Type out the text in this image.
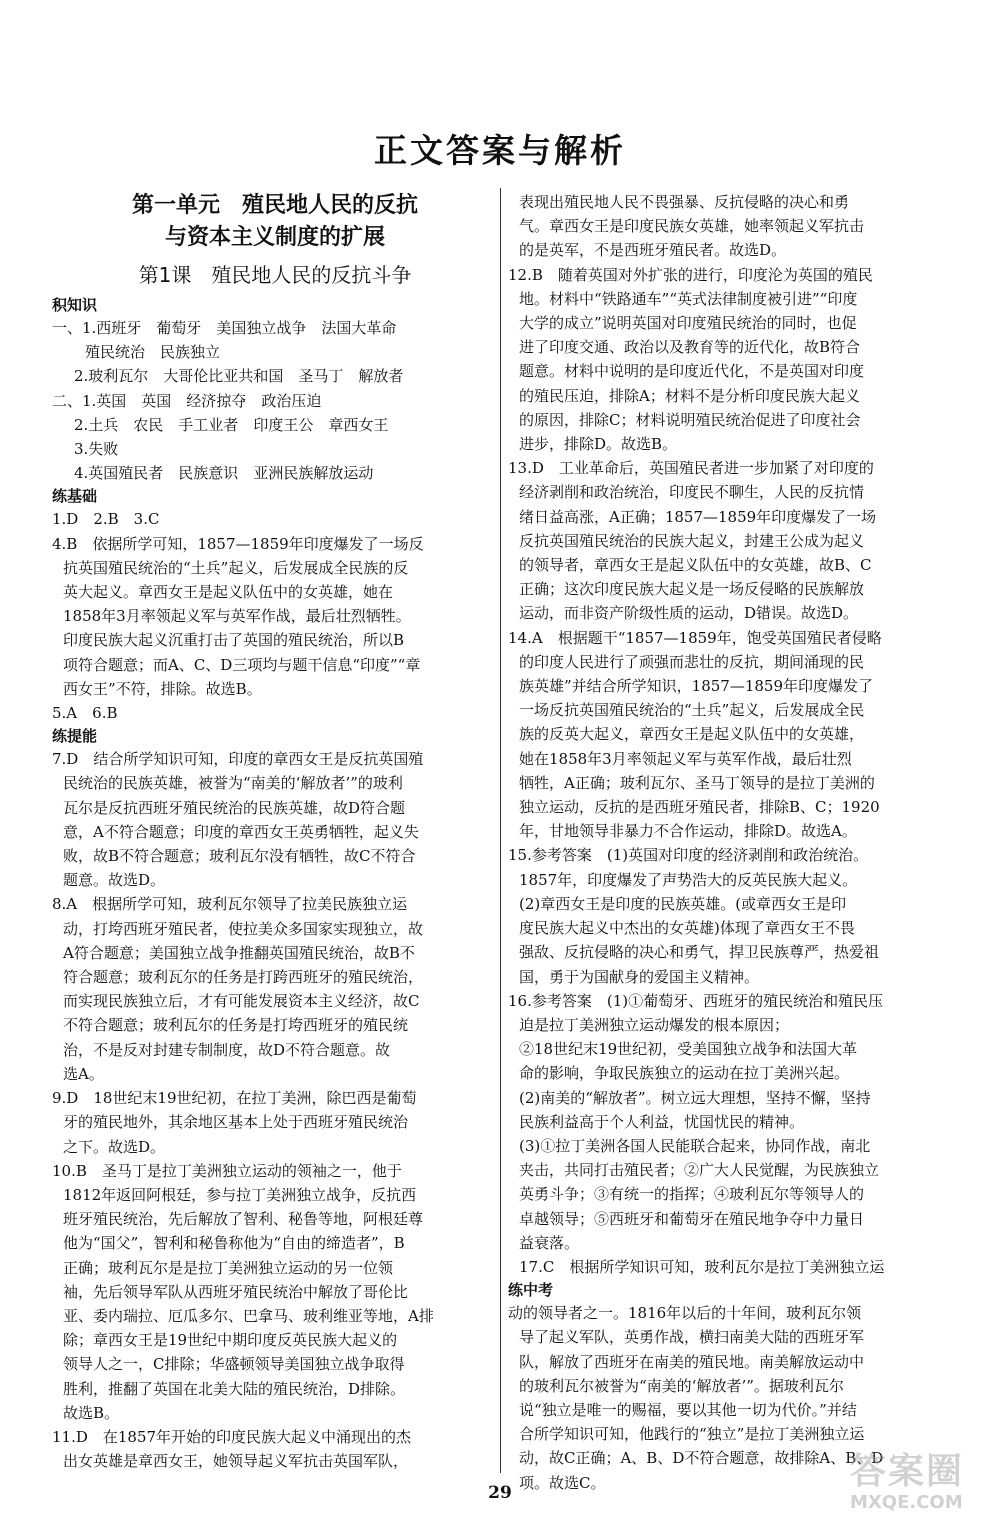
正文答案与解析
第一单元　殖民地人民的反抗
与资本主义制度的扩展
第1课　殖民地人民的反抗斗争
积知识
一、1.西班牙　葡萄牙　美国独立战争　法国大革命
殖民统治　民族独立
2.玻利瓦尔　大哥伦比亚共和国　圣马丁　解放者
二、1.英国　英国　经济掠夺　政治压迫
2.土兵　农民　手工业者　印度王公　章西女王
3.失败
4.英国殖民者　民族意识　亚洲民族解放运动
练基础
1.D　2.B　3.C
4.B　依据所学可知，1857—1859年印度爆发了一场反
抗英国殖民统治的“土兵”起义，后发展成全民族的反
英大起义。章西女王是起义队伍中的女英雄，她在
1858年3月率领起义军与英军作战，最后壮烈牺牲。
印度民族大起义沉重打击了英国的殖民统治，所以B
项符合题意；而A、C、D三项均与题干信息“印度”“章
西女王”不符，排除。故选B。
5.A　6.B
练提能
7.D　结合所学知识可知，印度的章西女王是反抗英国殖
民统治的民族英雄，被誉为“南美的‘解放者’”的玻利
瓦尔是反抗西班牙殖民统治的民族英雄，故D符合题
意，A不符合题意；印度的章西女王英勇牺牲，起义失
败，故B不符合题意；玻利瓦尔没有牺牲，故C不符合
题意。故选D。
8.A　根据所学可知，玻利瓦尔领导了拉美民族独立运
动，打垮西班牙殖民者，使拉美众多国家实现独立，故
A符合题意；美国独立战争推翻英国殖民统治，故B不
符合题意；玻利瓦尔的任务是打跨西班牙的殖民统治，
而实现民族独立后，才有可能发展资本主义经济，故C
不符合题意；玻利瓦尔的任务是打垮西班牙的殖民统
治，不是反对封建专制制度，故D不符合题意。故
选A。
9.D　18世纪末19世纪初，在拉丁美洲，除巴西是葡萄
牙的殖民地外，其余地区基本上处于西班牙殖民统治
之下。故选D。
10.B　圣马丁是拉丁美洲独立运动的领袖之一，他于
1812年返回阿根廷，参与拉丁美洲独立战争，反抗西
班牙殖民统治，先后解放了智利、秘鲁等地，阿根廷尊
他为“国父”，智利和秘鲁称他为“自由的缔造者”，B
正确；玻利瓦尔是是拉丁美洲独立运动的另一位领
袖，先后领导军队从西班牙殖民统治中解放了哥伦比
亚、委内瑞拉、厄瓜多尔、巴拿马、玻利维亚等地，A排
除；章西女王是19世纪中期印度反英民族大起义的
领导人之一，C排除；华盛顿领导美国独立战争取得
胜利，推翻了英国在北美大陆的殖民统治，D排除。
故选B。
11.D　在1857年开始的印度民族大起义中涌现出的杰
出女英雄是章西女王，她领导起义军抗击英国军队，
表现出殖民地人民不畏强暴、反抗侵略的决心和勇
气。章西女王是印度民族女英雄，她率领起义军抗击
的是英军，不是西班牙殖民者。故选D。
12.B　随着英国对外扩张的进行，印度沦为英国的殖民
地。材料中“铁路通车”“英式法律制度被引进”“印度
大学的成立”说明英国对印度殖民统治的同时，也促
进了印度交通、政治以及教育等的近代化，故B符合
题意。材料中说明的是印度近代化，不是英国对印度
的殖民压迫，排除A；材料不是分析印度民族大起义
的原因，排除C；材料说明殖民统治促进了印度社会
进步，排除D。故选B。
13.D　工业革命后，英国殖民者进一步加紧了对印度的
经济剥削和政治统治，印度民不聊生，人民的反抗情
绪日益高涨，A正确；1857—1859年印度爆发了一场
反抗英国殖民统治的民族大起义，封建王公成为起义
的领导者，章西女王是起义队伍中的女英雄，故B、C
正确；这次印度民族大起义是一场反侵略的民族解放
运动，而非资产阶级性质的运动，D错误。故选D。
14.A　根据题干“1857—1859年，饱受英国殖民者侵略
的印度人民进行了顽强而悲壮的反抗，期间涌现的民
族英雄”并结合所学知识，1857—1859年印度爆发了
一场反抗英国殖民统治的“土兵”起义，后发展成全民
族的反英大起义，章西女王是起义队伍中的女英雄，
她在1858年3月率领起义军与英军作战，最后壮烈
牺牲，A正确；玻利瓦尔、圣马丁领导的是拉丁美洲的
独立运动，反抗的是西班牙殖民者，排除B、C；1920
年，甘地领导非暴力不合作运动，排除D。故选A。
15.参考答案　(1)英国对印度的经济剥削和政治统治。
1857年，印度爆发了声势浩大的反英民族大起义。
(2)章西女王是印度的民族英雄。(或章西女王是印
度民族大起义中杰出的女英雄)体现了章西女王不畏
强敌、反抗侵略的决心和勇气，捍卫民族尊严，热爱祖
国，勇于为国献身的爱国主义精神。
16.参考答案　(1)①葡萄牙、西班牙的殖民统治和殖民压
迫是拉丁美洲独立运动爆发的根本原因；
②18世纪末19世纪初，受美国独立战争和法国大革
命的影响，争取民族独立的运动在拉丁美洲兴起。
(2)南美的“解放者”。树立远大理想，坚持不懈，坚持
民族利益高于个人利益，忧国忧民的精神。
(3)①拉丁美洲各国人民能联合起来，协同作战，南北
夹击，共同打击殖民者；②广大人民觉醒，为民族独立
英勇斗争；③有统一的指挥；④玻利瓦尔等领导人的
卓越领导；⑤西班牙和葡萄牙在殖民地争夺中力量日
益衰落。
17.C　根据所学知识可知，玻利瓦尔是拉丁美洲独立运
练中考
动的领导者之一。1816年以后的十年间，玻利瓦尔领
导了起义军队，英勇作战，横扫南美大陆的西班牙军
队，解放了西班牙在南美的殖民地。南美解放运动中
的玻利瓦尔被誉为“南美的‘解放者’”。据玻利瓦尔
说“独立是唯一的赐福，要以其他一切为代价。”并结
合所学知识可知，他践行的“独立”是拉丁美洲独立运
动，故C正确；A、B、D不符合题意，故排除A、B、D
项。故选C。
29
答案圈
MXQE.COM
